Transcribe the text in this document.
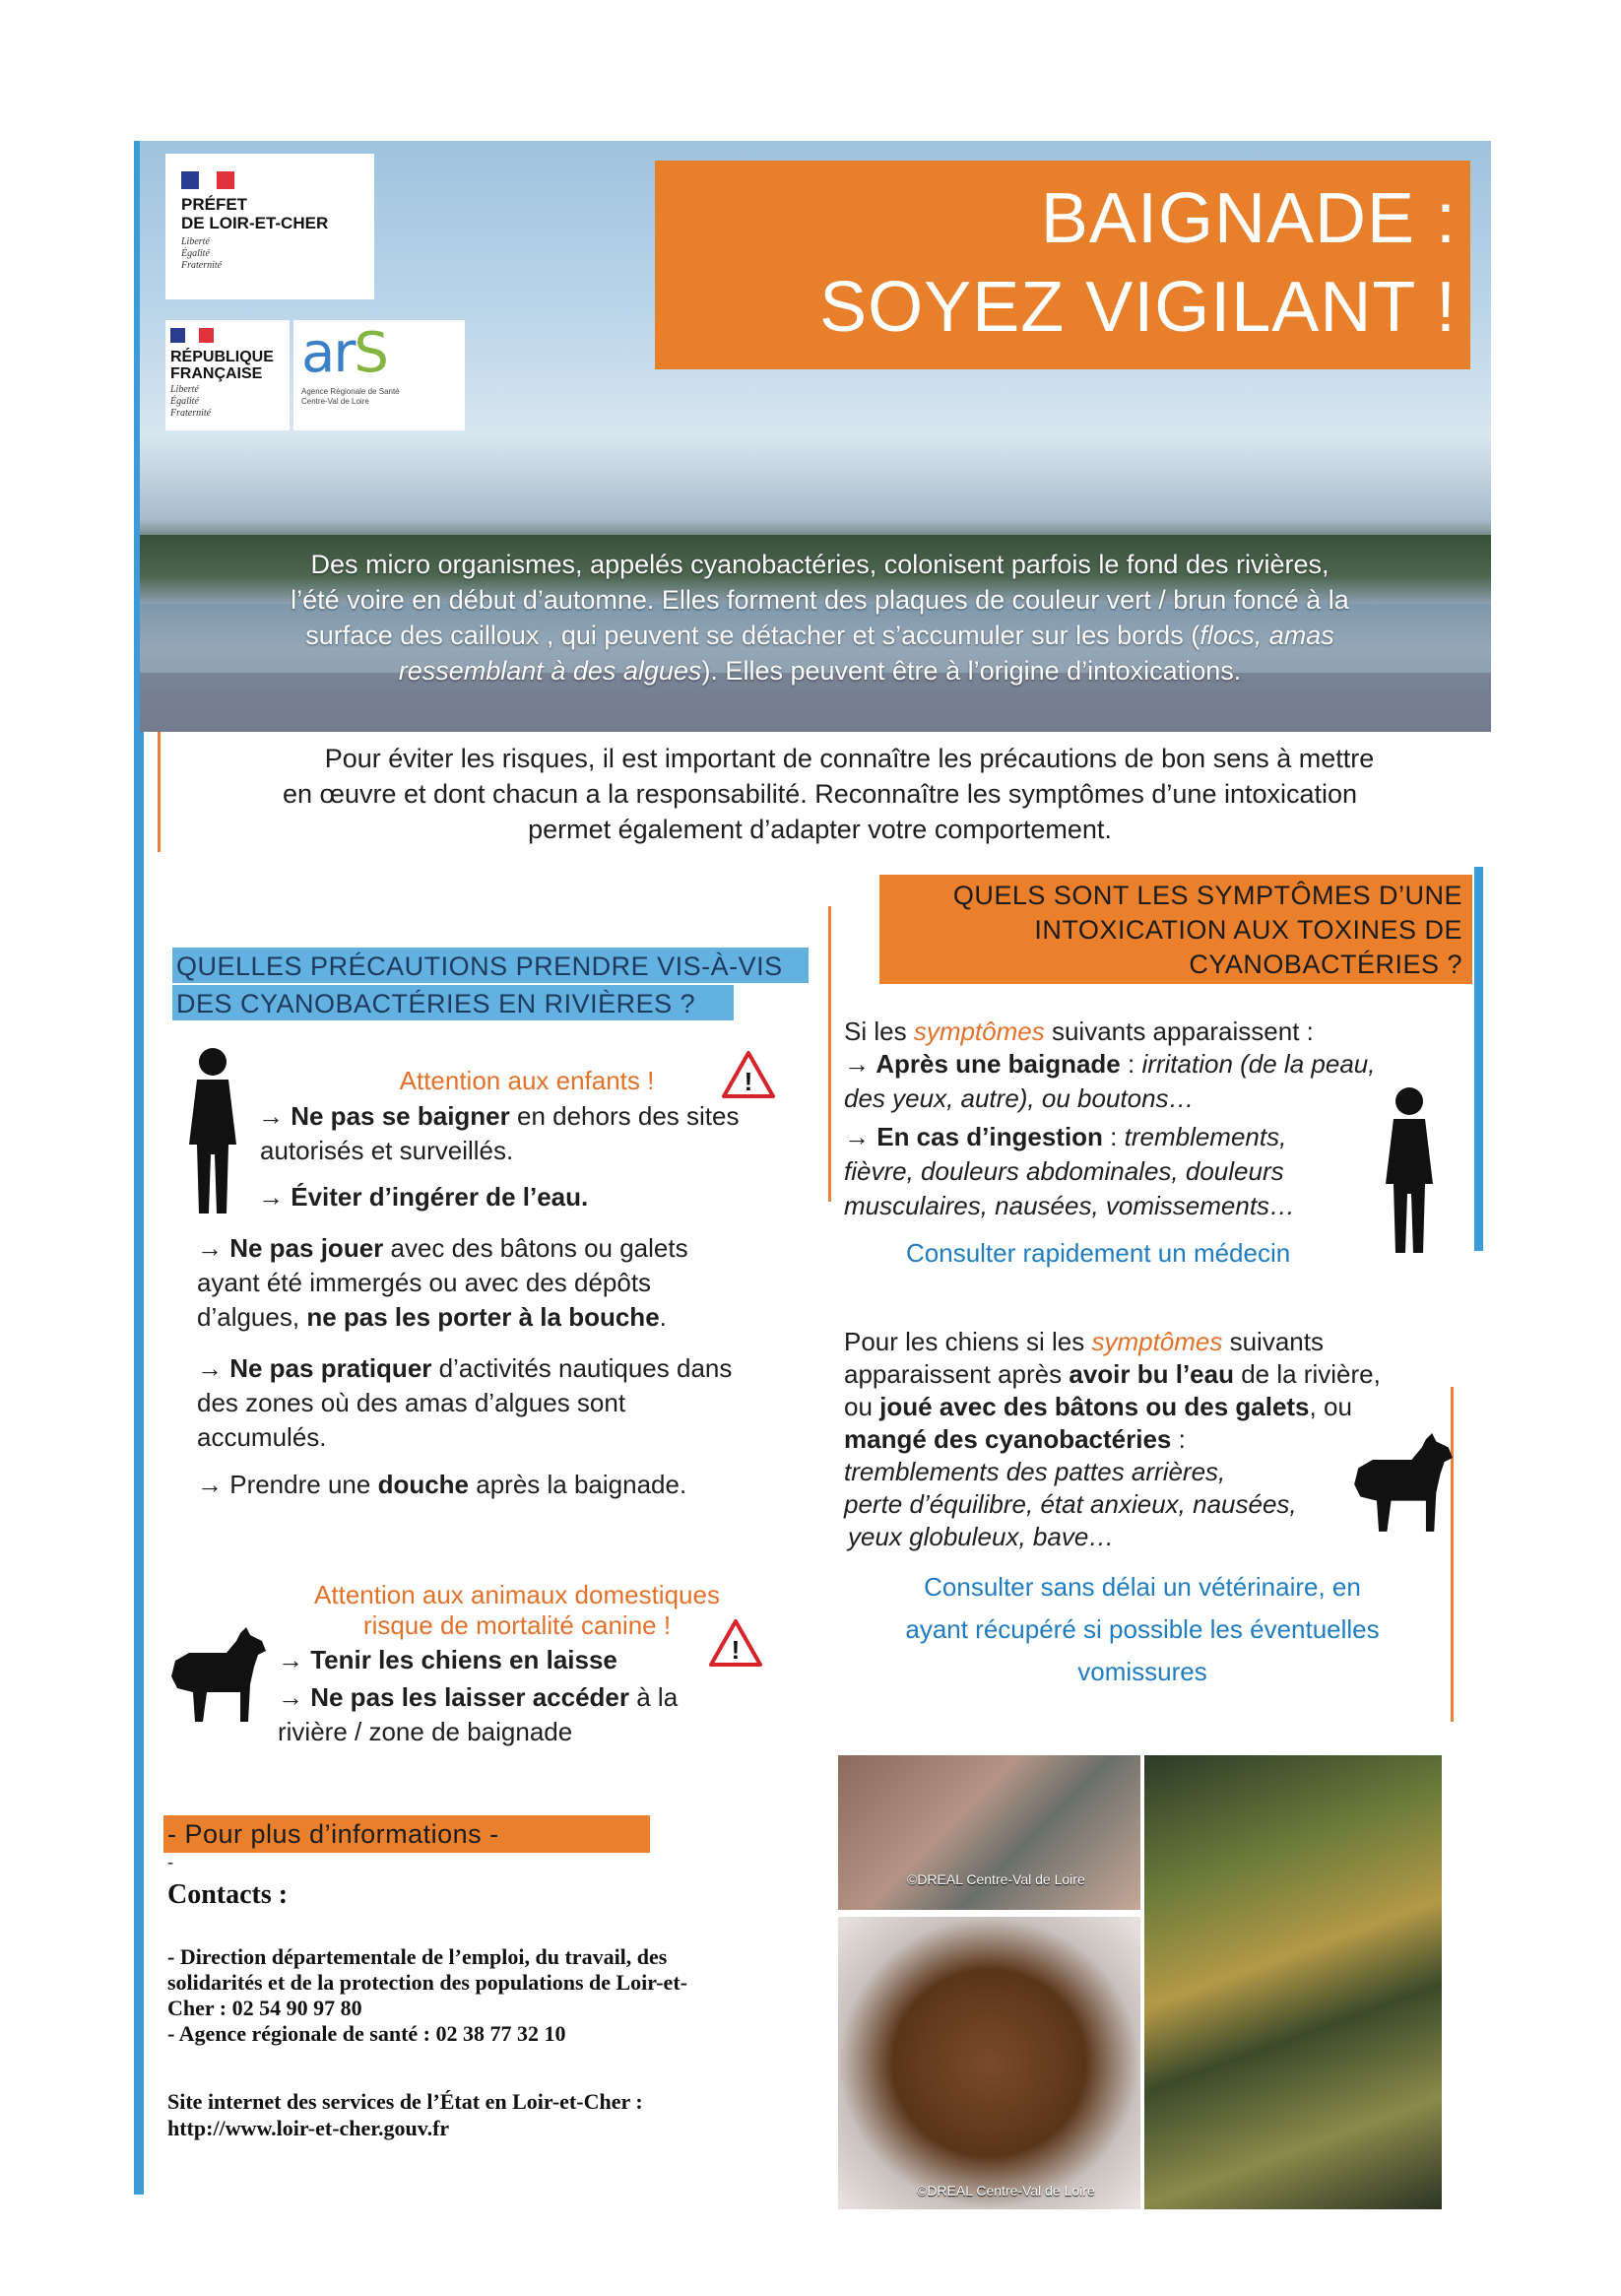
PRÉFET
DE LOIR-ET-CHER
Liberté
Égalité
Fraternité
RÉPUBLIQUE
FRANÇAISE
Liberté
Égalité
Fraternité
arS
Agence Régionale de Santé
Centre-Val de Loire
BAIGNADE :
SOYEZ VIGILANT !
Des micro organismes, appelés cyanobactéries, colonisent parfois le fond des rivières,
l’été voire en début d’automne. Elles forment des plaques de couleur vert / brun foncé à la
surface des cailloux , qui peuvent se détacher et s’accumuler sur les bords (flocs, amas
ressemblant à des algues). Elles peuvent être à l’origine d’intoxications.
Pour éviter les risques, il est important de connaître les précautions de bon sens à mettre
en œuvre et dont chacun a la responsabilité. Reconnaître les symptômes d’une intoxication
permet également d’adapter votre comportement.
QUELLES PRÉCAUTIONS PRENDRE VIS-À-VIS
DES CYANOBACTÉRIES EN RIVIÈRES ?
Attention aux enfants !	!
→ Ne pas se baigner en dehors des sites
autorisés et surveillés.
→ Éviter d’ingérer de l’eau.
→ Ne pas jouer avec des bâtons ou galets
ayant été immergés ou avec des dépôts
d’algues, ne pas les porter à la bouche.
→ Ne pas pratiquer d’activités nautiques dans
des zones où des amas d’algues sont
accumulés.
→ Prendre une douche après la baignade.
Attention aux animaux domestiques
risque de mortalité canine !
!
→ Tenir les chiens en laisse
→ Ne pas les laisser accéder à la
rivière / zone de baignade
QUELS SONT LES SYMPTÔMES D’UNE
INTOXICATION AUX TOXINES DE
CYANOBACTÉRIES ?
Si les symptômes suivants apparaissent :
→ Après une baignade : irritation (de la peau,
des yeux, autre), ou boutons…
→ En cas d’ingestion : tremblements,
fièvre, douleurs abdominales, douleurs
musculaires, nausées, vomissements…
Consulter rapidement un médecin
Pour les chiens si les symptômes suivants
apparaissent après avoir bu l’eau de la rivière,
ou joué avec des bâtons ou des galets, ou
mangé des cyanobactéries :
tremblements des pattes arrières,
perte d’équilibre, état anxieux, nausées,
yeux globuleux, bave…
Consulter sans délai un vétérinaire, en
ayant récupéré si possible les éventuelles
vomissures
- Pour plus d’informations -
-
Contacts :
- Direction départementale de l’emploi, du travail, des
solidarités et de la protection des populations de Loir-et-
Cher : 02 54 90 97 80
- Agence régionale de santé : 02 38 77 32 10
Site internet des services de l’État en Loir-et-Cher :
http://www.loir-et-cher.gouv.fr
©DREAL Centre-Val de Loire
©DREAL Centre-Val de Loire
